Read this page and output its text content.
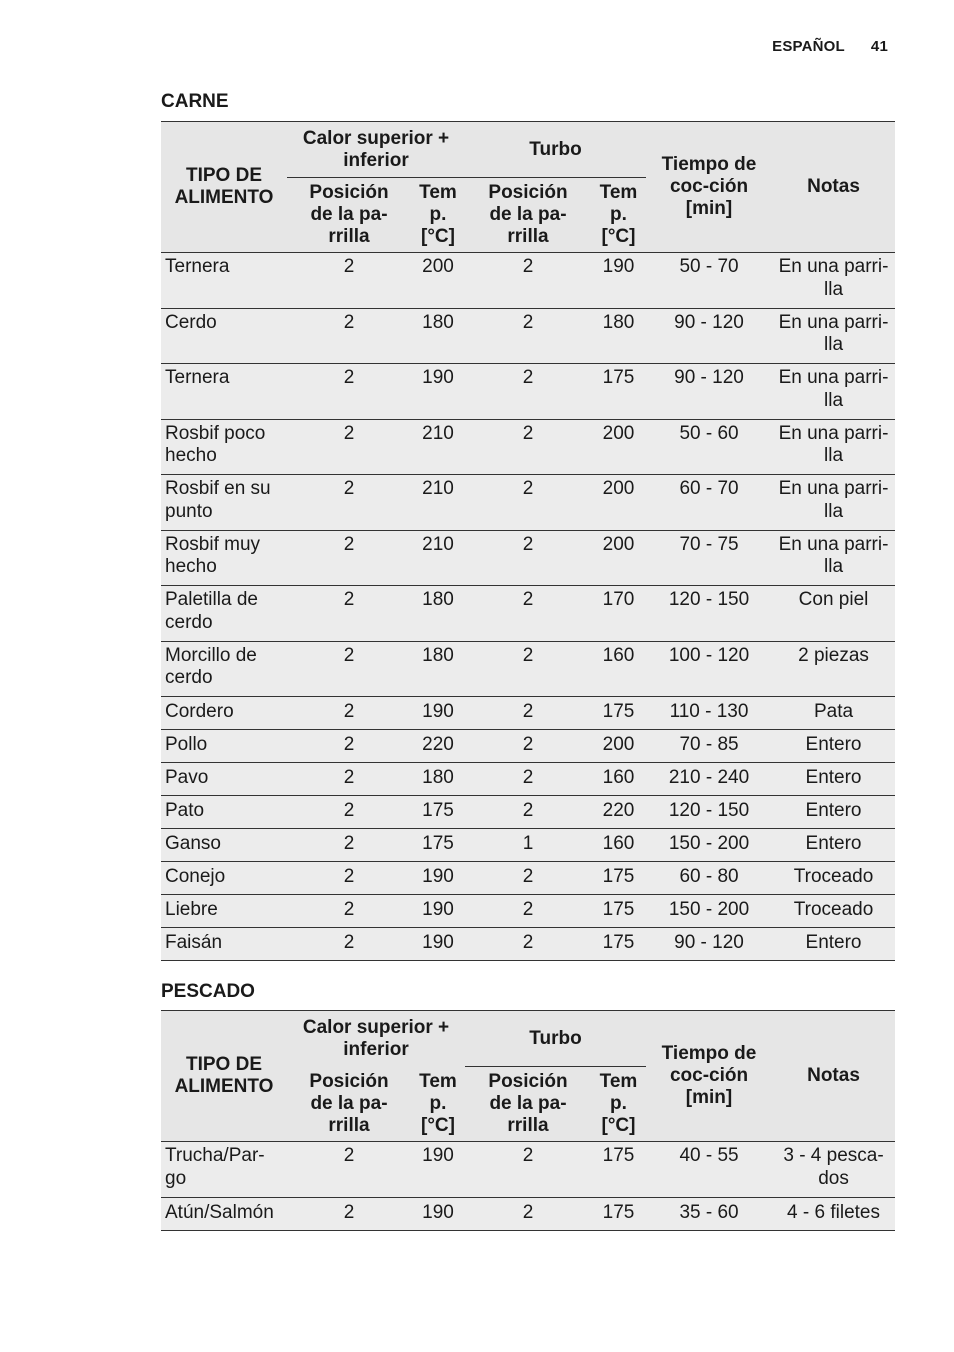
ESPAÑOL 41
CARNE
TIPO DE ALIMENTO	Calor superior + inferior		Turbo		Tiempo de coc-ción [min]	Notas

	Posición de la pa-rrilla	Tem p. [°C]	Posición de la pa-rrilla	Tem p. [°C]		

Ternera	2	200	2	190	50 - 70	En una parri-lla

Cerdo	2	180	2	180	90 - 120	En una parri-lla

Ternera	2	190	2	175	90 - 120	En una parri-lla

Rosbif poco hecho	2	210	2	200	50 - 60	En una parri-lla

Rosbif en su punto	2	210	2	200	60 - 70	En una parri-lla

Rosbif muy hecho	2	210	2	200	70 - 75	En una parri-lla

Paletilla de cerdo	2	180	2	170	120 - 150	Con piel
Morcillo de cerdo	2	180	2	160	100 - 120	2 piezas
Cordero	2	190	2	175	110 - 130	Pata
Pollo	2	220	2	200	70 - 85	Entero
Pavo	2	180	2	160	210 - 240	Entero
Pato	2	175	2	220	120 - 150	Entero
Ganso	2	175	1	160	150 - 200	Entero
Conejo	2	190	2	175	60 - 80	Troceado
Liebre	2	190	2	175	150 - 200	Troceado
Faisán	2	190	2	175	90 - 120	Entero
PESCADO
TIPO DE ALIMENTO	Calor superior + inferior		Turbo		Tiempo de coc-ción [min]	Notas

	Posición de la pa-rrilla	Tem p. [°C]	Posición de la pa-rrilla	Tem p. [°C]		

Trucha/Par-go	2	190	2	175	40 - 55	3 - 4 pesca-dos

Atún/Salmón	2	190	2	175	35 - 60	4 - 6 filetes
